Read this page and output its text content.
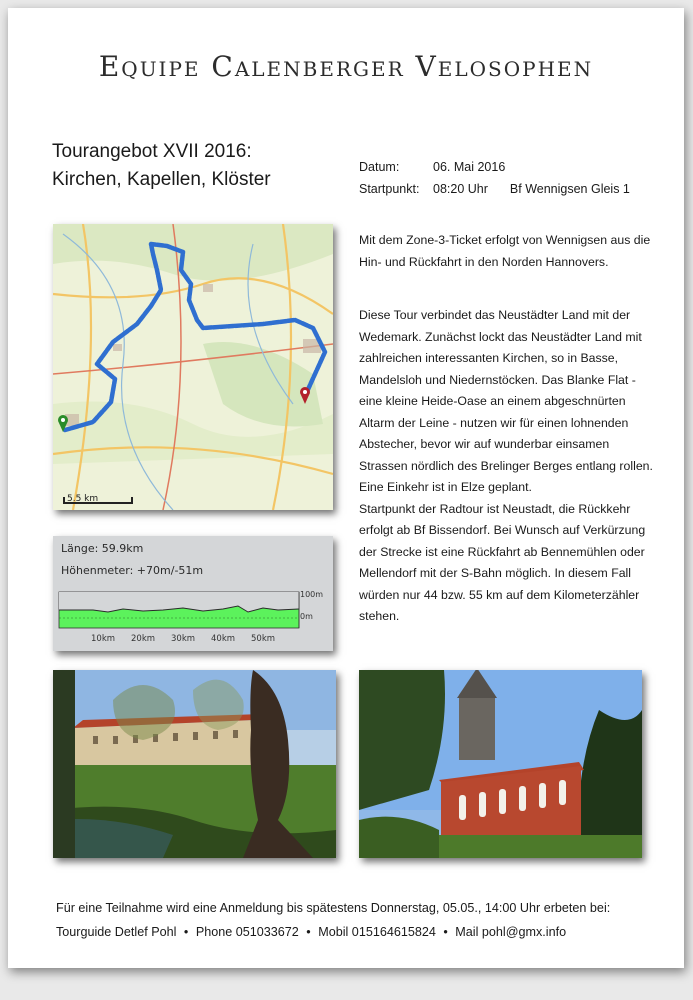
Equipe Calenberger Velosophen
Tourangebot XVII 2016:
Kirchen, Kapellen, Klöster
Datum:	06. Mai 2016
Startpunkt: 08:20 Uhr Bf Wennigsen Gleis 1
5.5 km
Länge: 59.9km
Höhenmeter: +70m/-51m
100m
0m
10km 20km 30km 40km 50km

Mit dem Zone-3-Ticket erfolgt von Wennigsen aus die Hin- und Rückfahrt in den Norden Hannovers.

Diese Tour verbindet das Neustädter Land mit der Wedemark. Zunächst lockt das Neustädter Land mit zahlreichen interessanten Kirchen, so in Basse, Mandelsloh und Niedernstöcken. Das Blanke Flat - eine kleine Heide-Oase an einem abgeschnürten Altarm der Leine - nutzen wir für einen lohnenden Abstecher, bevor wir auf wunderbar einsamen Strassen nördlich des Brelinger Berges entlang rollen.

Eine Einkehr ist in Elze geplant.

Startpunkt der Radtour ist Neustadt, die Rückkehr erfolgt ab Bf Bissendorf. Bei Wunsch auf Verkürzung der Strecke ist eine Rückfahrt ab Bennemühlen oder Mellendorf mit der S-Bahn möglich. In diesem Fall würden nur 44 bzw. 55 km auf dem Kilometerzähler stehen.

Für eine Teilnahme wird eine Anmeldung bis spätestens Donnerstag, 05.05., 14:00 Uhr erbeten bei:
Tourguide Detlef Pohl • Phone 051033672 • Mobil 015164615824 • Mail pohl@gmx.info
